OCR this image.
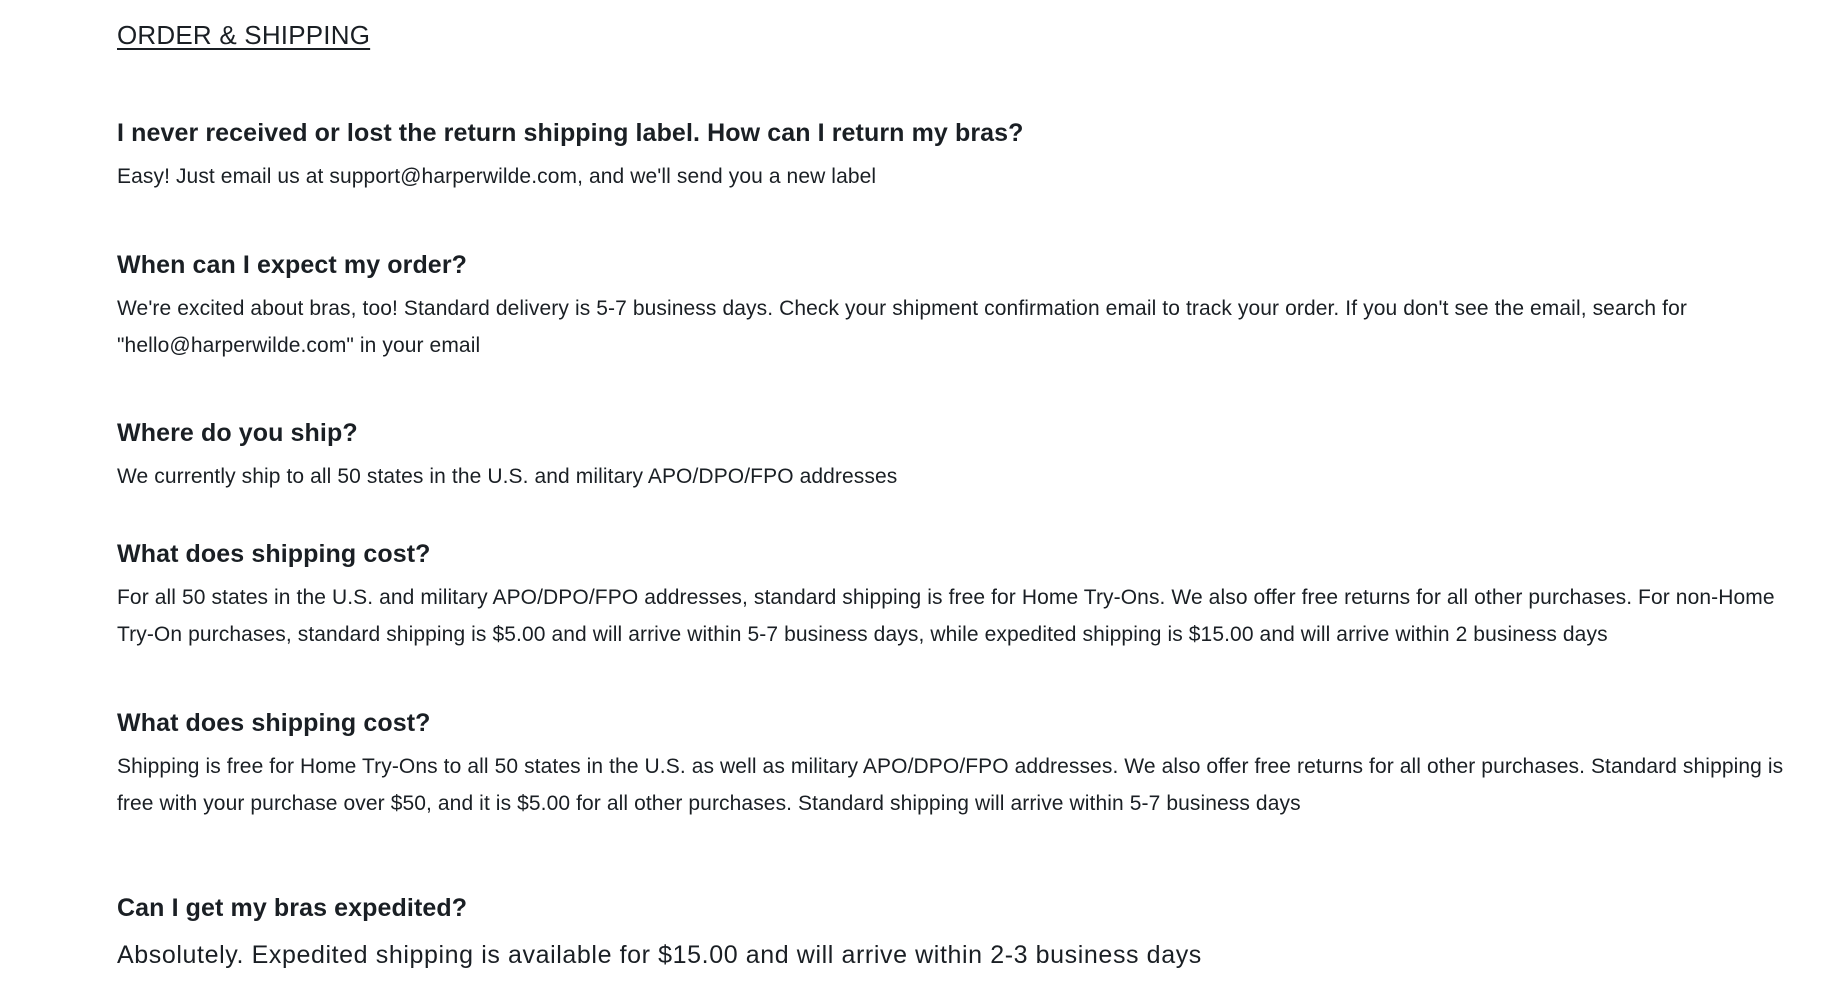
ORDER & SHIPPING
I never received or lost the return shipping label. How can I return my bras?

Easy! Just email us at support@harperwilde.com, and we'll send you a new label

When can I expect my order?

We're excited about bras, too! Standard delivery is 5-7 business days. Check your shipment confirmation email to track your order. If you don't see the email, search for "hello@harperwilde.com" in your email

Where do you ship?

We currently ship to all 50 states in the U.S. and military APO/DPO/FPO addresses

What does shipping cost?

For all 50 states in the U.S. and military APO/DPO/FPO addresses, standard shipping is free for Home Try-Ons. We also offer free returns for all other purchases. For non-Home Try-On purchases, standard shipping is $5.00 and will arrive within 5-7 business days, while expedited shipping is $15.00 and will arrive within 2 business days

What does shipping cost?

Shipping is free for Home Try-Ons to all 50 states in the U.S. as well as military APO/DPO/FPO addresses. We also offer free returns for all other purchases. Standard shipping is free with your purchase over $50, and it is $5.00 for all other purchases. Standard shipping will arrive within 5-7 business days

Can I get my bras expedited?

Absolutely. Expedited shipping is available for $15.00 and will arrive within 2-3 business days
